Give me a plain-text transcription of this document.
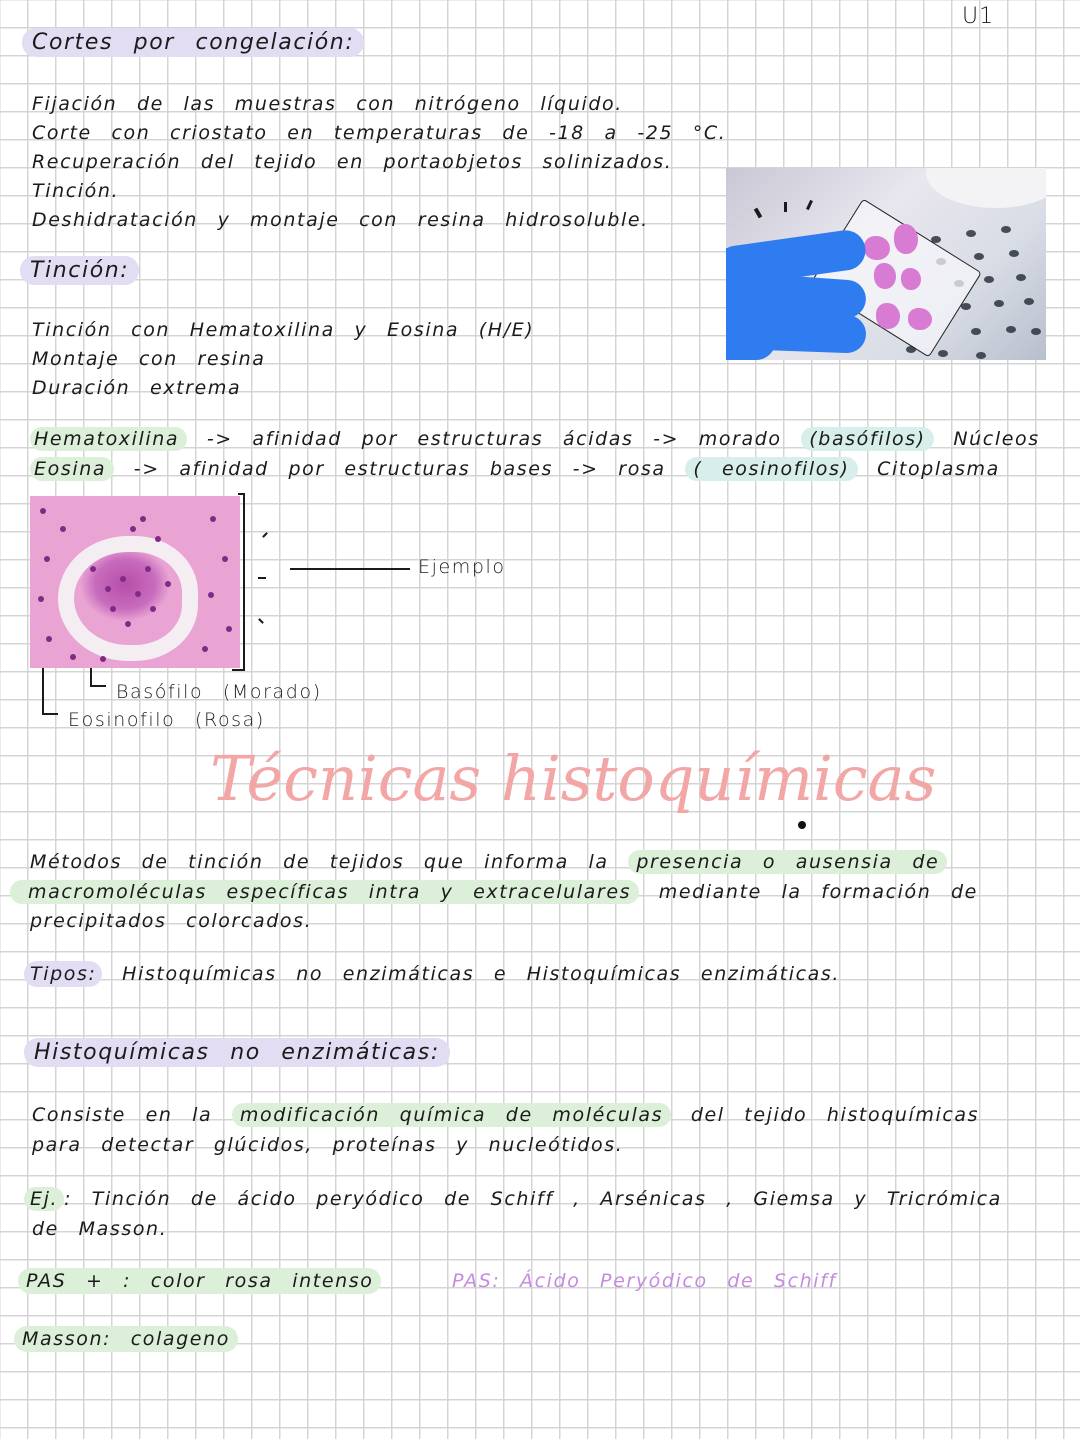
U1
Cortes por congelación:
Fijación de las muestras con nitrógeno líquido.
Corte con criostato en temperaturas de -18 a -25 °C.
Recuperación del tejido en portaobjetos solinizados.
Tinción.
Deshidratación y montaje con resina hidrosoluble.
Tinción:
Tinción con Hematoxilina y Eosina (H/E)
Montaje con resina
Duración extrema
Hematoxilina -> afinidad por estructuras ácidas -> morado (basófilos) Núcleos
Eosina -> afinidad por estructuras bases -> rosa ( eosinofilos) Citoplasma
Ejemplo
Basófilo (Morado)
Eosinofilo (Rosa)
Técnicas histoquímicas
Métodos de tinción de tejidos que informa la presencia o ausensia de
macromoléculas específicas intra y extracelulares mediante la formación de
precipitados colorcados.
Tipos: Histoquímicas no enzimáticas e Histoquímicas enzimáticas.
Histoquímicas no enzimáticas:
Consiste en la modificación química de moléculas del tejido histoquímicas
para detectar glúcidos, proteínas y nucleótidos.
Ej. : Tinción de ácido peryódico de Schiff , Arsénicas , Giemsa y Tricrómica
de Masson.
PAS + : color rosa intenso	PAS: Ácido Peryódico de Schiff
Masson: colageno
